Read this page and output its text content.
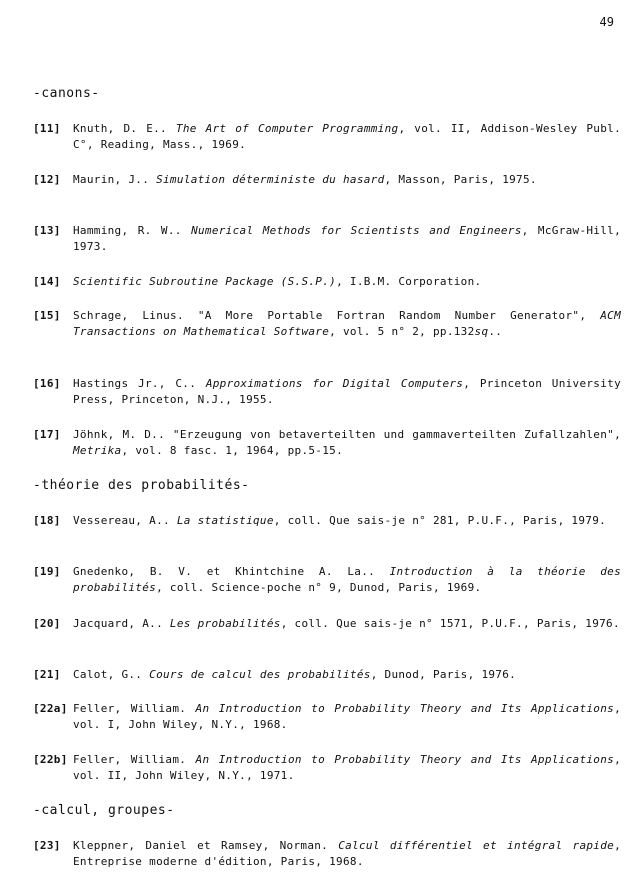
49
-canons-
[11] Knuth, D. E.. The Art of Computer Programming, vol. II, Addison-Wesley Publ. C°, Reading, Mass., 1969.
[12] Maurin, J.. Simulation déterministe du hasard, Masson, Paris, 1975.
[13] Hamming, R. W.. Numerical Methods for Scientists and Engineers, McGraw-Hill, 1973.
[14] Scientific Subroutine Package (S.S.P.), I.B.M. Corporation.
[15] Schrage, Linus. "A More Portable Fortran Random Number Generator", ACM Transactions on Mathematical Software, vol. 5 n° 2, pp.132sq..
[16] Hastings Jr., C.. Approximations for Digital Computers, Princeton University Press, Princeton, N.J., 1955.
[17] Jöhnk, M. D.. "Erzeugung von betaverteilten und gammaverteilten Zufallzahlen", Metrika, vol. 8 fasc. 1, 1964, pp.5-15.
-théorie des probabilités-
[18] Vessereau, A.. La statistique, coll. Que sais-je n° 281, P.U.F., Paris, 1979.
[19] Gnedenko, B. V. et Khintchine A. La.. Introduction à la théorie des probabilités, coll. Science-poche n° 9, Dunod, Paris, 1969.
[20] Jacquard, A.. Les probabilités, coll. Que sais-je n° 1571, P.U.F., Paris, 1976.
[21] Calot, G.. Cours de calcul des probabilités, Dunod, Paris, 1976.
[22a] Feller, William. An Introduction to Probability Theory and Its Applications, vol. I, John Wiley, N.Y., 1968.
[22b] Feller, William. An Introduction to Probability Theory and Its Applications, vol. II, John Wiley, N.Y., 1971.
-calcul, groupes-
[23] Kleppner, Daniel et Ramsey, Norman. Calcul différentiel et intégral rapide, Entreprise moderne d'édition, Paris, 1968.
